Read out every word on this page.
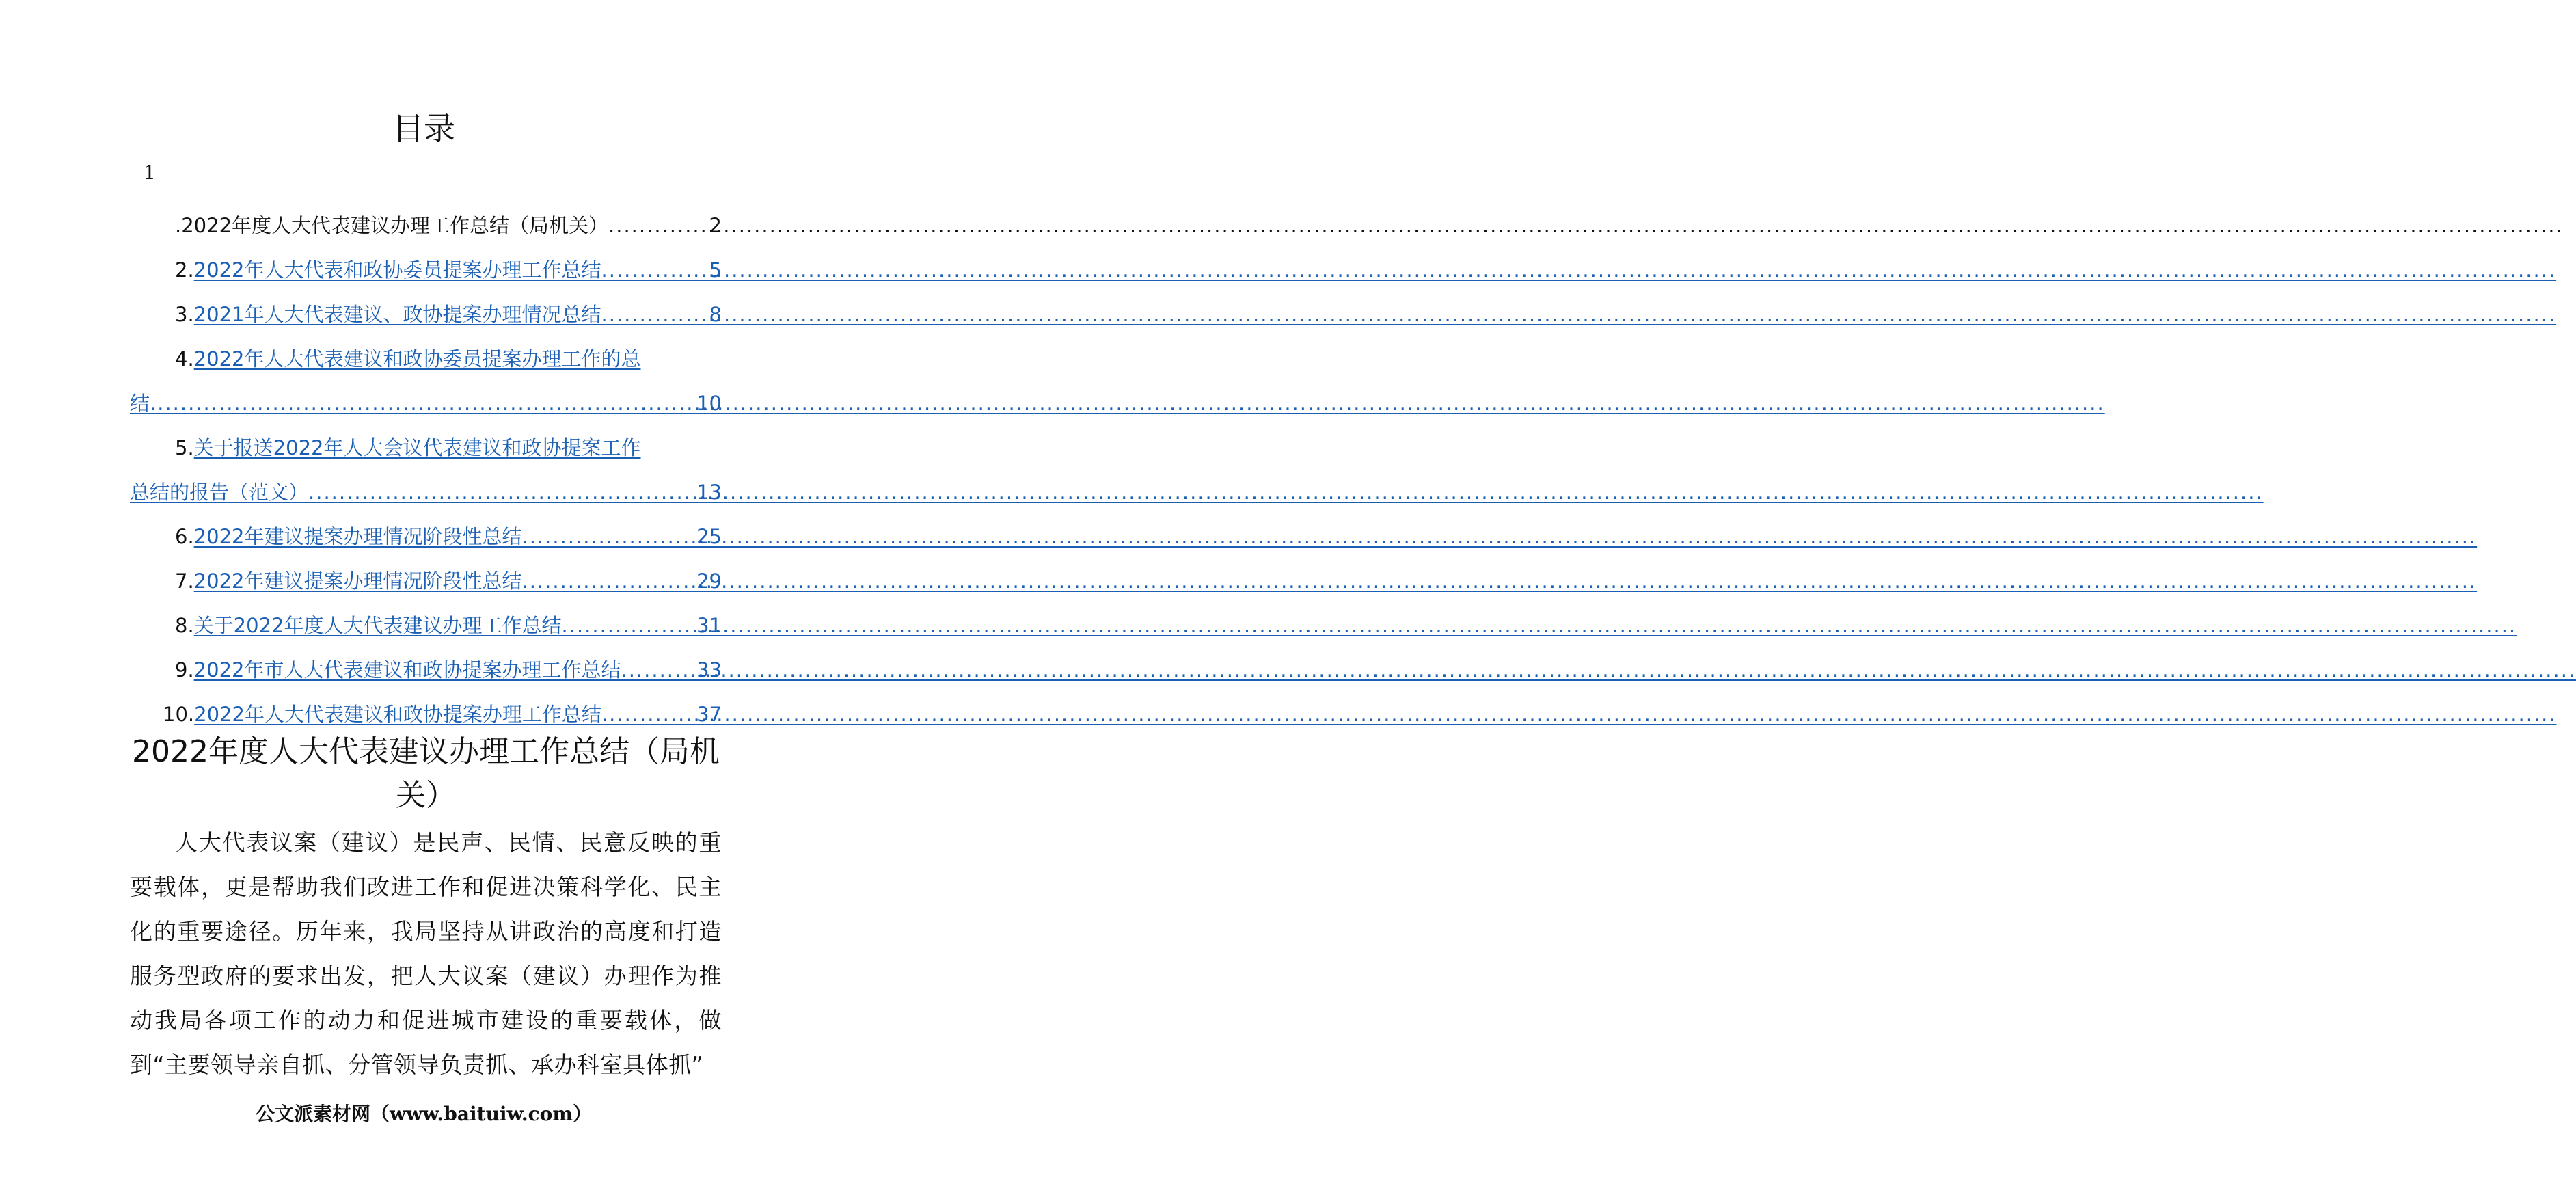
目录
1
. 2022年度人大代表建议办理工作总结（局机关） .....	2
2. 2022年人大代表和政协委员提案办理工作总结 .....	5
3. 2021年人大代表建议、政协提案办理情况总结 .....	8
4. 2022年人大代表建议和政协委员提案办理工作的总
结 .....	10
5. 关于报送2022年人大会议代表建议和政协提案工作
总结的报告（范文） .....	13
6. 2022年建议提案办理情况阶段性总结 .....	25
7. 2022年建议提案办理情况阶段性总结 .....	29
8. 关于2022年度人大代表建议办理工作总结 .....	31
9. 2022年市人大代表建议和政协提案办理工作总结 .....	33
10. 2022年人大代表建议和政协提案办理工作总结 .....	37
2022年度人大代表建议办理工作总结（局机关）

人大代表议案（建议）是民声、民情、民意反映的重要载体，更是帮助我们改进工作和促进决策科学化、民主化的重要途径。历年来，我局坚持从讲政治的高度和打造服务型政府的要求出发，把人大议案（建议）办理作为推动我局各项工作的动力和促进城市建设的重要载体，做到“主要领导亲自抓、分管领导负责抓、承办科室具体抓”

公文派素材网（www.baituiw.com）
